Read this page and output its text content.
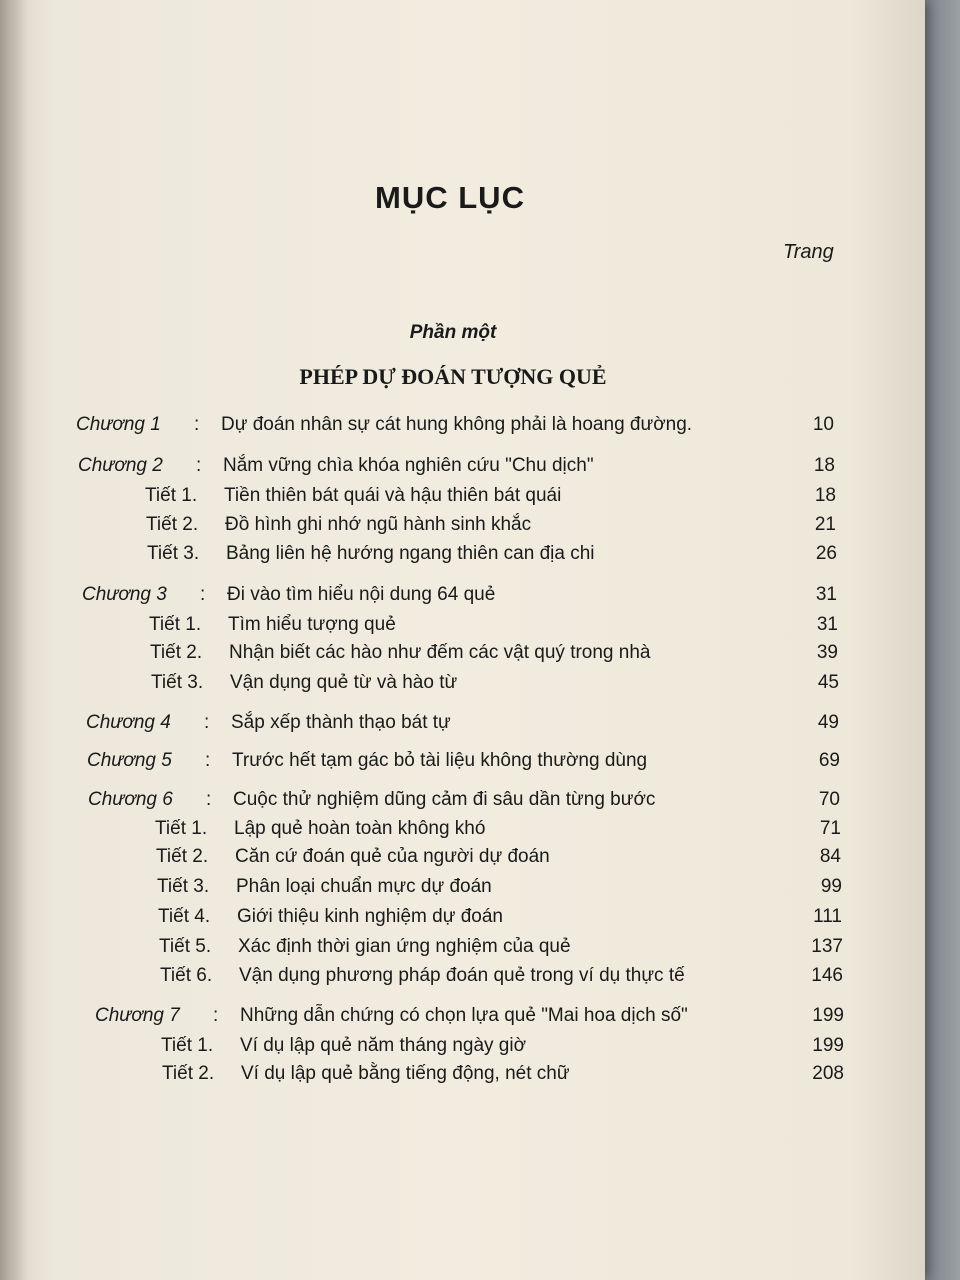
MỤC LỤC
Trang
Phần một
PHÉP DỰ ĐOÁN TƯỢNG QUẺ
Chương 1 : Dự đoán nhân sự cát hung không phải là hoang đường.	10
Chương 2 : Nắm vững chìa khóa nghiên cứu "Chu dịch"	18
Tiết 1. Tiền thiên bát quái và hậu thiên bát quái	18
Tiết 2. Đồ hình ghi nhớ ngũ hành sinh khắc	21
Tiết 3. Bảng liên hệ hướng ngang thiên can địa chi	26
Chương 3 : Đi vào tìm hiểu nội dung 64 quẻ	31
Tiết 1. Tìm hiểu tượng quẻ	31
Tiết 2. Nhận biết các hào như đếm các vật quý trong nhà	39
Tiết 3. Vận dụng quẻ từ và hào từ	45
Chương 4 : Sắp xếp thành thạo bát tự	49
Chương 5 : Trước hết tạm gác bỏ tài liệu không thường dùng	69
Chương 6 : Cuộc thử nghiệm dũng cảm đi sâu dần từng bước	70
Tiết 1. Lập quẻ hoàn toàn không khó	71
Tiết 2. Căn cứ đoán quẻ của người dự đoán	84
Tiết 3. Phân loại chuẩn mực dự đoán	99
Tiết 4. Giới thiệu kinh nghiệm dự đoán	111
Tiết 5. Xác định thời gian ứng nghiệm của quẻ	137
Tiết 6. Vận dụng phương pháp đoán quẻ trong ví dụ thực tế	146
Chương 7 : Những dẫn chứng có chọn lựa quẻ "Mai hoa dịch số"	199
Tiết 1. Ví dụ lập quẻ năm tháng ngày giờ	199
Tiết 2. Ví dụ lập quẻ bằng tiếng động, nét chữ	208
